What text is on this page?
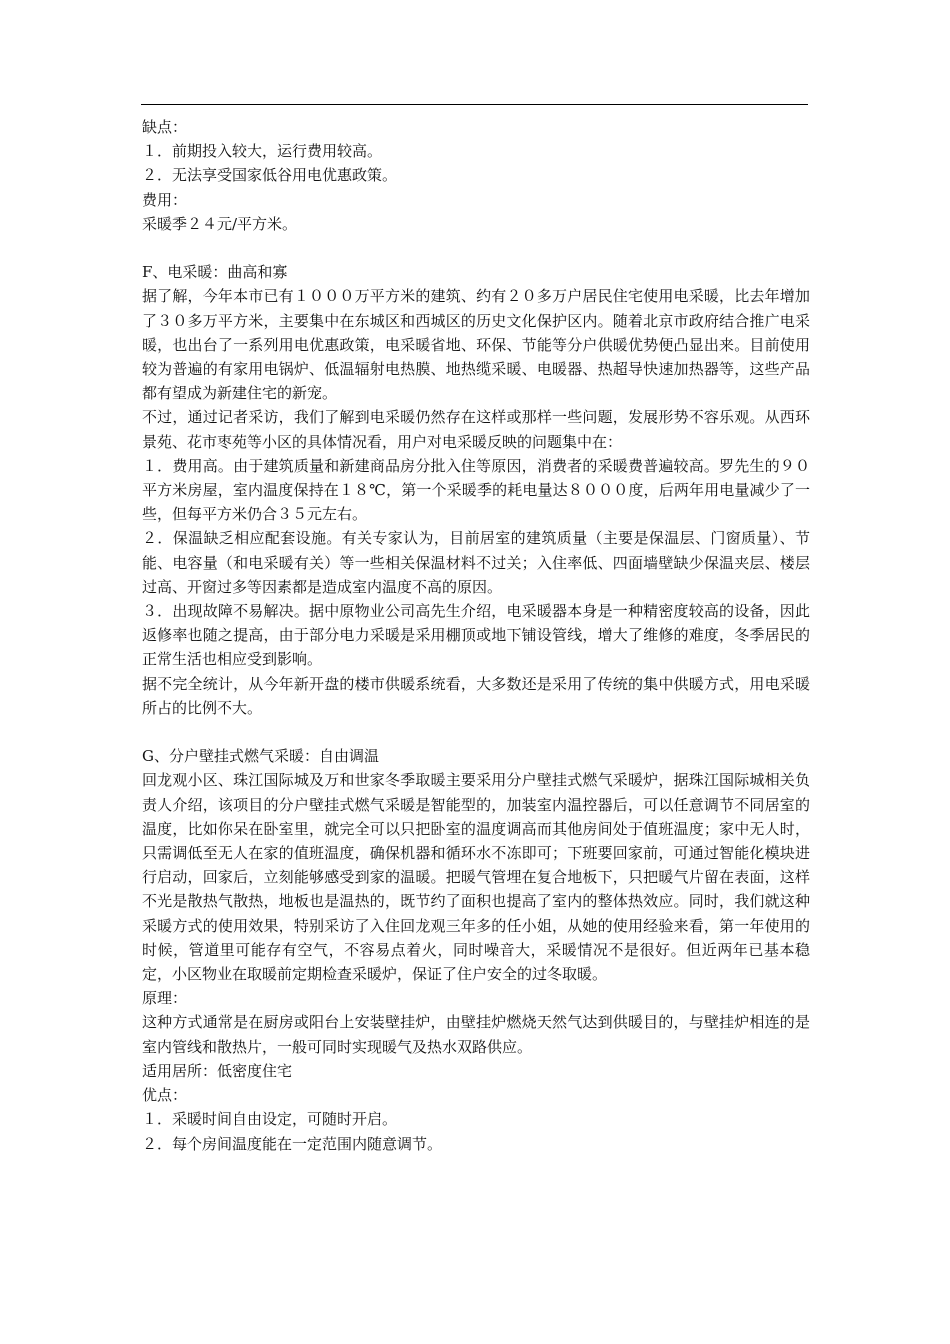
缺点：
１．前期投入较大，运行费用较高。
２．无法享受国家低谷用电优惠政策。
费用：
采暖季２４元/平方米。
F、电采暖：曲高和寡
据了解，今年本市已有１０００万平方米的建筑、约有２０多万户居民住宅使用电采暖，比去年增加了３０多万平方米，主要集中在东城区和西城区的历史文化保护区内。随着北京市政府结合推广电采暖，也出台了一系列用电优惠政策，电采暖省地、环保、节能等分户供暖优势便凸显出来。目前使用较为普遍的有家用电锅炉、低温辐射电热膜、地热缆采暖、电暖器、热超导快速加热器等，这些产品都有望成为新建住宅的新宠。
不过，通过记者采访，我们了解到电采暖仍然存在这样或那样一些问题，发展形势不容乐观。从西环景苑、花市枣苑等小区的具体情况看，用户对电采暖反映的问题集中在：
１．费用高。由于建筑质量和新建商品房分批入住等原因，消费者的采暖费普遍较高。罗先生的９０平方米房屋，室内温度保持在１８℃，第一个采暖季的耗电量达８０００度，后两年用电量减少了一些，但每平方米仍合３５元左右。
２．保温缺乏相应配套设施。有关专家认为，目前居室的建筑质量（主要是保温层、门窗质量）、节能、电容量（和电采暖有关）等一些相关保温材料不过关；入住率低、四面墙壁缺少保温夹层、楼层过高、开窗过多等因素都是造成室内温度不高的原因。
３．出现故障不易解决。据中原物业公司高先生介绍，电采暖器本身是一种精密度较高的设备，因此返修率也随之提高，由于部分电力采暖是采用棚顶或地下铺设管线，增大了维修的难度，冬季居民的正常生活也相应受到影响。
据不完全统计，从今年新开盘的楼市供暖系统看，大多数还是采用了传统的集中供暖方式，用电采暖所占的比例不大。
G、分户壁挂式燃气采暖：自由调温
回龙观小区、珠江国际城及万和世家冬季取暖主要采用分户壁挂式燃气采暖炉，据珠江国际城相关负责人介绍，该项目的分户壁挂式燃气采暖是智能型的，加装室内温控器后，可以任意调节不同居室的温度，比如你呆在卧室里，就完全可以只把卧室的温度调高而其他房间处于值班温度；家中无人时，只需调低至无人在家的值班温度，确保机器和循环水不冻即可；下班要回家前，可通过智能化模块进行启动，回家后，立刻能够感受到家的温暖。把暖气管埋在复合地板下，只把暖气片留在表面，这样不光是散热气散热，地板也是温热的，既节约了面积也提高了室内的整体热效应。同时，我们就这种采暖方式的使用效果，特别采访了入住回龙观三年多的任小姐，从她的使用经验来看，第一年使用的时候，管道里可能存有空气，不容易点着火，同时噪音大，采暖情况不是很好。但近两年已基本稳定，小区物业在取暖前定期检查采暖炉，保证了住户安全的过冬取暖。
原理：
这种方式通常是在厨房或阳台上安装壁挂炉，由壁挂炉燃烧天然气达到供暖目的，与壁挂炉相连的是室内管线和散热片，一般可同时实现暖气及热水双路供应。
适用居所：低密度住宅
优点：
１．采暖时间自由设定，可随时开启。
２．每个房间温度能在一定范围内随意调节。
